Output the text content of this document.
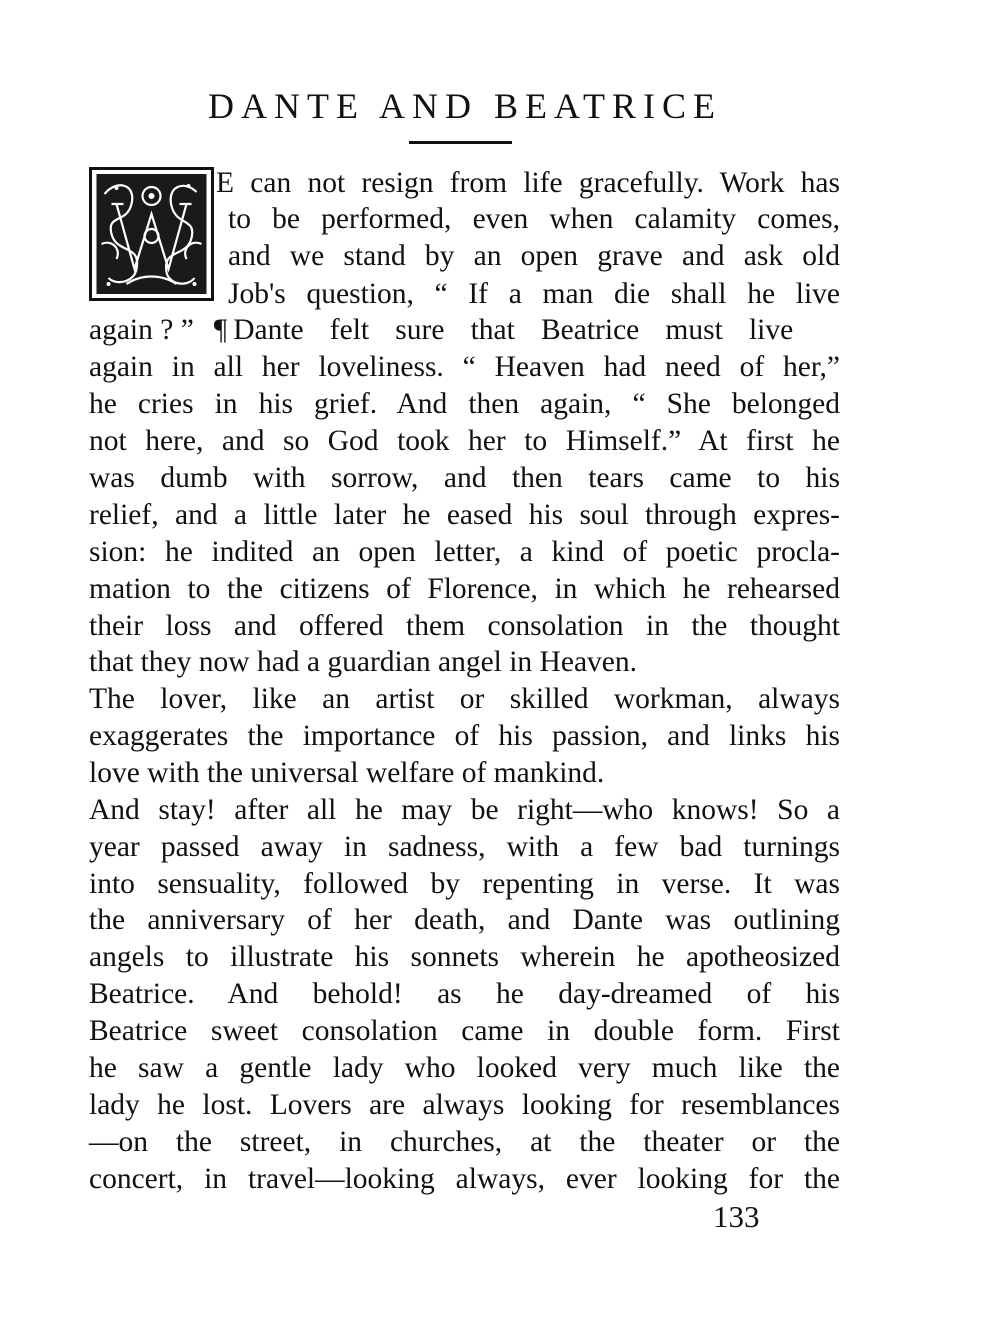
DANTE AND BEATRICE
E can not resign from life gracefully. Work has
to be performed, even when calamity comes,
and we stand by an open grave and ask old
Job's question, “ If a man die shall he live
again ? ” ¶ Dante felt sure that Beatrice must live
again in all her loveliness. “ Heaven had need of her,”
he cries in his grief. And then again, “ She belonged
not here, and so God took her to Himself.” At first he
was dumb with sorrow, and then tears came to his
relief, and a little later he eased his soul through expres-
sion: he indited an open letter, a kind of poetic procla-
mation to the citizens of Florence, in which he rehearsed
their loss and offered them consolation in the thought
that they now had a guardian angel in Heaven.
The lover, like an artist or skilled workman, always
exaggerates the importance of his passion, and links his
love with the universal welfare of mankind.
And stay! after all he may be right—who knows! So a
year passed away in sadness, with a few bad turnings
into sensuality, followed by repenting in verse. It was
the anniversary of her death, and Dante was outlining
angels to illustrate his sonnets wherein he apotheosized
Beatrice. And behold! as he day-dreamed of his
Beatrice sweet consolation came in double form. First
he saw a gentle lady who looked very much like the
lady he lost. Lovers are always looking for resemblances
—on the street, in churches, at the theater or the
concert, in travel—looking always, ever looking for the
133
